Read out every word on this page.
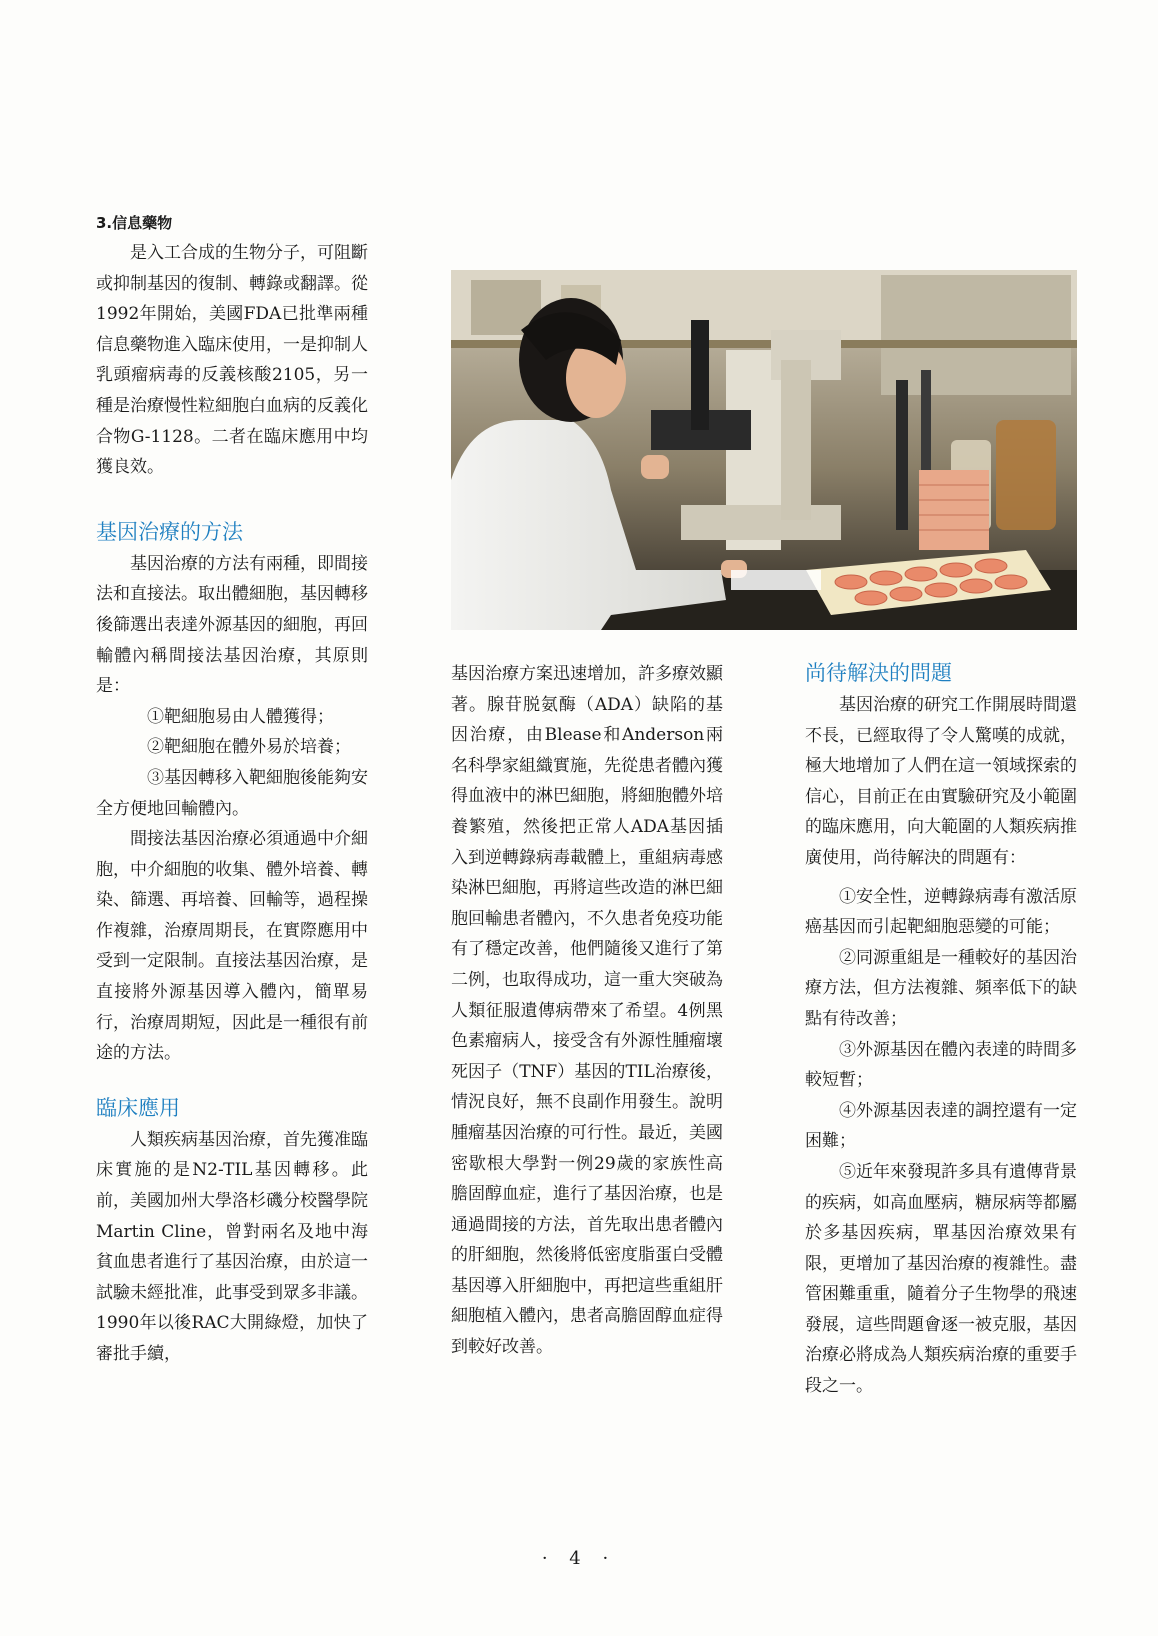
3.信息藥物

是入工合成的生物分子，可阻斷或抑制基因的復制、轉錄或翻譯。從1992年開始，美國FDA已批準兩種信息藥物進入臨床使用，一是抑制人乳頭瘤病毒的反義核酸2105，另一種是治療慢性粒細胞白血病的反義化合物G-1128。二者在臨床應用中均獲良效。

基因治療的方法

基因治療的方法有兩種，即間接法和直接法。取出體細胞，基因轉移後篩選出表達外源基因的細胞，再回輸體內稱間接法基因治療，其原則是：

①靶細胞易由人體獲得；

②靶細胞在體外易於培養；

③基因轉移入靶細胞後能夠安全方便地回輸體內。

間接法基因治療必須通過中介細胞，中介細胞的收集、體外培養、轉染、篩選、再培養、回輸等，過程操作複雜，治療周期長，在實際應用中受到一定限制。直接法基因治療，是直接將外源基因導入體內，簡單易行，治療周期短，因此是一種很有前途的方法。

臨床應用

人類疾病基因治療，首先獲准臨床實施的是N2-TIL基因轉移。此前，美國加州大學洛杉磯分校醫學院Martin Cline，曾對兩名及地中海貧血患者進行了基因治療，由於這一試驗未經批准，此事受到眾多非議。1990年以後RAC大開綠燈，加快了審批手續，

基因治療方案迅速增加，許多療效顯著。腺苷脱氨酶（ADA）缺陷的基因治療，由Blease和Anderson兩名科學家組織實施，先從患者體內獲得血液中的淋巴細胞，將細胞體外培養繁殖，然後把正常人ADA基因插入到逆轉錄病毒載體上，重組病毒感染淋巴細胞，再將這些改造的淋巴細胞回輸患者體內，不久患者免疫功能有了穩定改善，他們隨後又進行了第二例，也取得成功，這一重大突破為人類征服遺傳病帶來了希望。4例黑色素瘤病人，接受含有外源性腫瘤壞死因子（TNF）基因的TIL治療後，情況良好，無不良副作用發生。說明腫瘤基因治療的可行性。最近，美國密歇根大學對一例29歲的家族性高膽固醇血症，進行了基因治療，也是通過間接的方法，首先取出患者體內的肝細胞，然後將低密度脂蛋白受體基因導入肝細胞中，再把這些重組肝細胞植入體內，患者高膽固醇血症得到較好改善。

尚待解決的問題

基因治療的研究工作開展時間還不長，已經取得了令人驚嘆的成就，極大地增加了人們在這一領域探索的信心，目前正在由實驗研究及小範圍的臨床應用，向大範圍的人類疾病推廣使用，尚待解決的問題有：

①安全性，逆轉錄病毒有激活原癌基因而引起靶細胞惡變的可能；

②同源重組是一種較好的基因治療方法，但方法複雜、頻率低下的缺點有待改善；

③外源基因在體內表達的時間多較短暫；

④外源基因表達的調控還有一定困難；

⑤近年來發現許多具有遺傳背景的疾病，如高血壓病，糖尿病等都屬於多基因疾病，單基因治療效果有限，更增加了基因治療的複雜性。盡管困難重重，隨着分子生物學的飛速發展，這些問題會逐一被克服，基因治療必將成為人類疾病治療的重要手段之一。

· 4 ·
